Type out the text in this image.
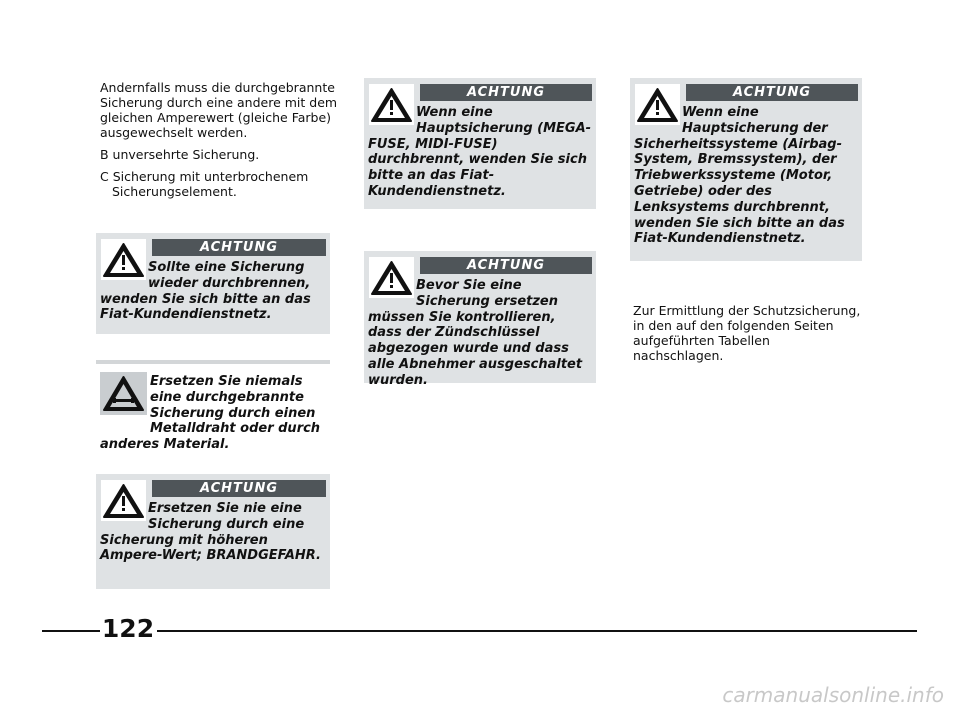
Andernfalls muss die durchgebrannte Sicherung durch eine andere mit dem gleichen Amperewert (gleiche Farbe) ausgewechselt werden.

B unversehrte Sicherung.

C Sicherung mit unterbrochenem Sicherungselement.

ACHTUNG
Sollte eine Sicherung wieder durchbrennen, wenden Sie sich bitte an das Fiat-Kundendienstnetz.
Ersetzen Sie niemals eine durchgebrannte Sicherung durch einen Metalldraht oder durch anderes Material.
ACHTUNG
Ersetzen Sie nie eine Sicherung durch eine Sicherung mit höheren Ampere-Wert; BRANDGEFAHR.
ACHTUNG
Wenn eine Hauptsicherung (MEGA-FUSE, MIDI-FUSE) durchbrennt, wenden Sie sich bitte an das Fiat-Kundendienstnetz.
ACHTUNG
Bevor Sie eine Sicherung ersetzen müssen Sie kontrollieren, dass der Zündschlüssel abgezogen wurde und dass alle Abnehmer ausgeschaltet wurden.
ACHTUNG
Wenn eine Hauptsicherung der Sicherheitssysteme (Airbag-System, Bremssystem), der Triebwerkssysteme (Motor, Getriebe) oder des Lenksystems durchbrennt, wenden Sie sich bitte an das Fiat-Kundendienstnetz.

Zur Ermittlung der Schutzsicherung, in den auf den folgenden Seiten aufgeführten Tabellen nachschlagen.

122
carmanualsonline.info
